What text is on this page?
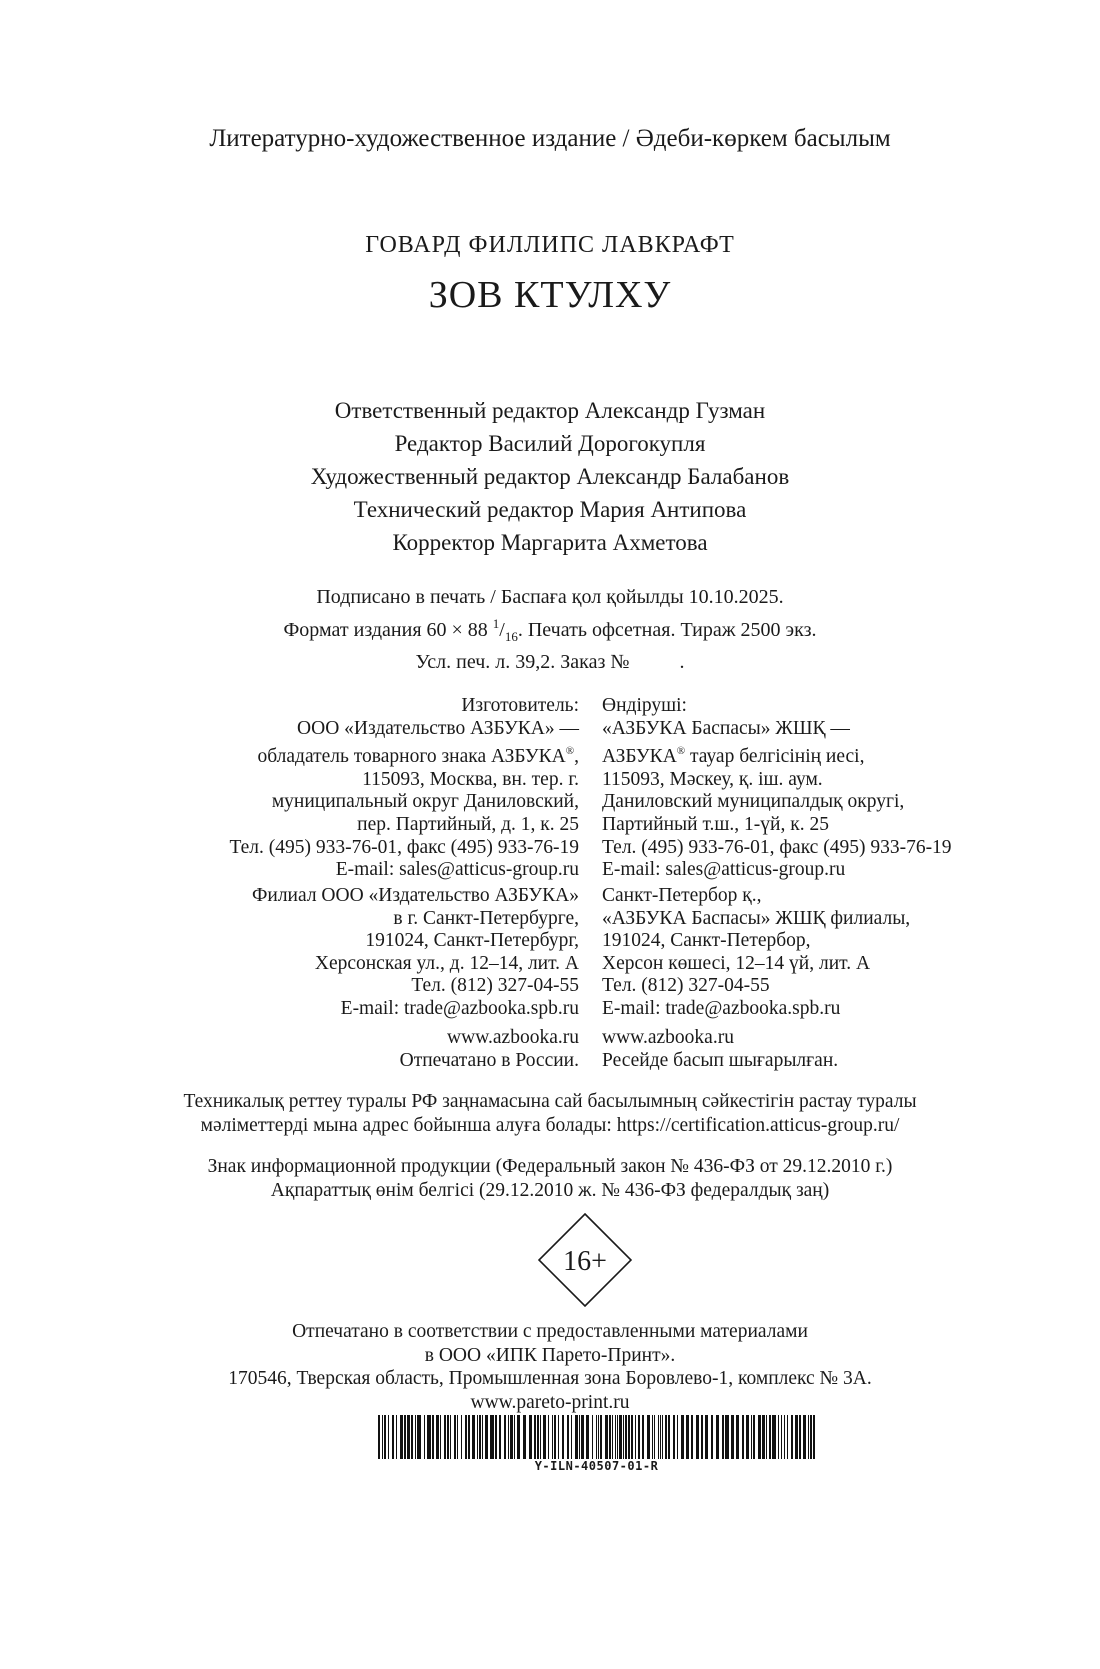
Литературно-художественное издание / Әдеби-көркем басылым
ГОВАРД ФИЛЛИПС ЛАВКРАФТ
ЗОВ КТУЛХУ
Ответственный редактор Александр Гузман
Редактор Василий Дорогокупля
Художественный редактор Александр Балабанов
Технический редактор Мария Антипова
Корректор Маргарита Ахметова
Подписано в печать / Баспаға қол қойылды 10.10.2025.
Формат издания 60 × 88 $^1/_{16}$. Печать офсетная. Тираж 2500 экз.
Усл. печ. л. 39,2. Заказ №          .
Изготовитель:
ООО «Издательство АЗБУКА» —
обладатель товарного знака АЗБУКА®,
115093, Москва, вн. тер. г.
муниципальный округ Даниловский,
пер. Партийный, д. 1, к. 25
Тел. (495) 933-76-01, факс (495) 933-76-19
E-mail: sales@atticus-group.ru
Өндіруші:
«АЗБУКА Баспасы» ЖШҚ —
АЗБУКА® тауар белгісінің иесі,
115093, Мәскеу, қ. іш. аум.
Даниловский муниципалдық округі,
Партийный т.ш., 1-үй, к. 25
Тел. (495) 933-76-01, факс (495) 933-76-19
E-mail: sales@atticus-group.ru
Филиал ООО «Издательство АЗБУКА»
в г. Санкт-Петербурге,
191024, Санкт-Петербург,
Херсонская ул., д. 12–14, лит. А
Тел. (812) 327-04-55
E-mail: trade@azbooka.spb.ru
Санкт-Петербор қ.,
«АЗБУКА Баспасы» ЖШҚ филиалы,
191024, Санкт-Петербор,
Херсон көшесі, 12–14 үй, лит. А
Тел. (812) 327-04-55
E-mail: trade@azbooka.spb.ru
www.azbooka.ru
Отпечатано в России.
www.azbooka.ru
Ресейде басып шығарылған.
Техникалық реттеу туралы РФ заңнамасына сай басылымның сәйкестігін растау туралы
мәліметтерді мына адрес бойынша алуға болады: https://certification.atticus-group.ru/
Знак информационной продукции (Федеральный закон № 436-ФЗ от 29.12.2010 г.)
Ақпараттық өнім белгісі (29.12.2010 ж. № 436-ФЗ федералдық заң)
16+
Отпечатано в соответствии с предоставленными материалами
в ООО «ИПК Парето-Принт».
170546, Тверская область, Промышленная зона Боровлево-1, комплекс № 3А.
www.pareto-print.ru
Y-ILN-40507-01-R
